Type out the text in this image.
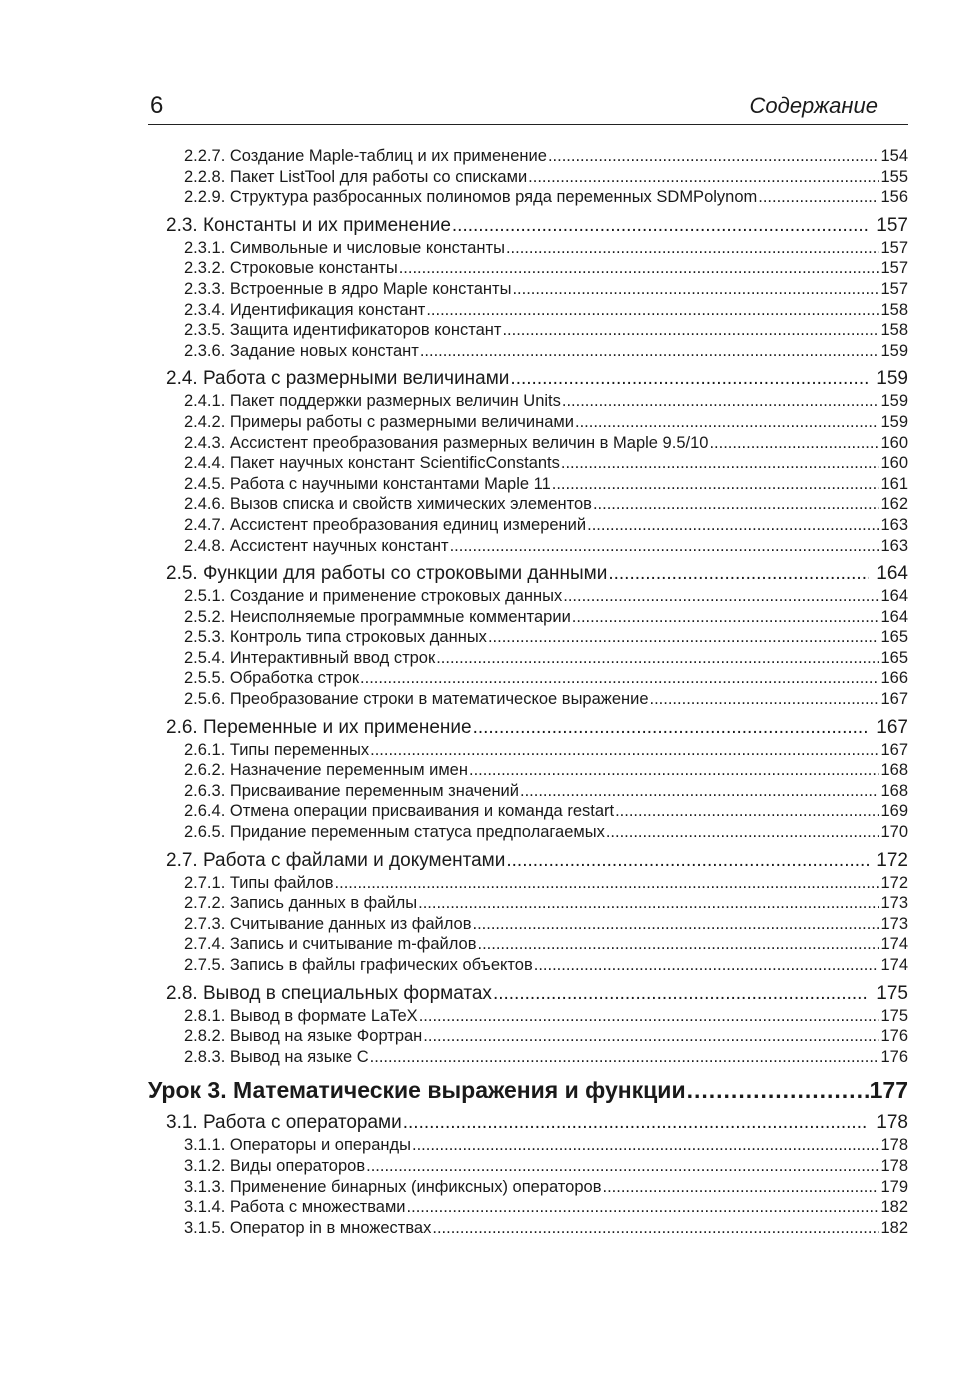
6	Содержание
2.2.7. Создание Maple-таблиц и их применение .....	154
2.2.8. Пакет ListTool для работы со списками .....	155
2.2.9. Структура разбросанных полиномов ряда переменных SDMPolynom .....	156
2.3. Константы и их применение .....	157
2.3.1. Символьные и числовые константы .....	157
2.3.2. Строковые константы .....	157
2.3.3. Встроенные в ядро Maple константы .....	157
2.3.4. Идентификация констант .....	158
2.3.5. Защита идентификаторов констант .....	158
2.3.6. Задание новых констант .....	159
2.4. Работа с размерными величинами .....	159
2.4.1. Пакет поддержки размерных величин Units .....	159
2.4.2. Примеры работы с размерными величинами .....	159
2.4.3. Ассистент преобразования размерных величин в Maple 9.5/10 .....	160
2.4.4. Пакет научных констант ScientificConstants .....	160
2.4.5. Работа с научными константами Maple 11 .....	161
2.4.6. Вызов списка и свойств химических элементов .....	162
2.4.7. Ассистент преобразования единиц измерений .....	163
2.4.8. Ассистент научных констант .....	163
2.5. Функции для работы со строковыми данными .....	164
2.5.1. Создание и применение строковых данных .....	164
2.5.2. Неисполняемые программные комментарии .....	164
2.5.3. Контроль типа строковых данных .....	165
2.5.4. Интерактивный ввод строк .....	165
2.5.5. Обработка строк .....	166
2.5.6. Преобразование строки в математическое выражение .....	167
2.6. Переменные и их применение .....	167
2.6.1. Типы переменных .....	167
2.6.2. Назначение переменным имен .....	168
2.6.3. Присваивание переменным значений .....	168
2.6.4. Отмена операции присваивания и команда restart .....	169
2.6.5. Придание переменным статуса предполагаемых .....	170
2.7. Работа с файлами и документами .....	172
2.7.1. Типы файлов .....	172
2.7.2. Запись данных в файлы .....	173
2.7.3. Считывание данных из файлов .....	173
2.7.4. Запись и считывание m-файлов .....	174
2.7.5. Запись в файлы графических объектов .....	174
2.8. Вывод в специальных форматах .....	175
2.8.1. Вывод в формате LaTeX .....	175
2.8.2. Вывод на языке Фортран .....	176
2.8.3. Вывод на языке С .....	176
Урок 3. Математические выражения и функции .....	177
3.1. Работа с операторами .....	178
3.1.1. Операторы и операнды .....	178
3.1.2. Виды операторов .....	178
3.1.3. Применение бинарных (инфиксных) операторов .....	179
3.1.4. Работа с множествами .....	182
3.1.5. Оператор in в множествах .....	182
